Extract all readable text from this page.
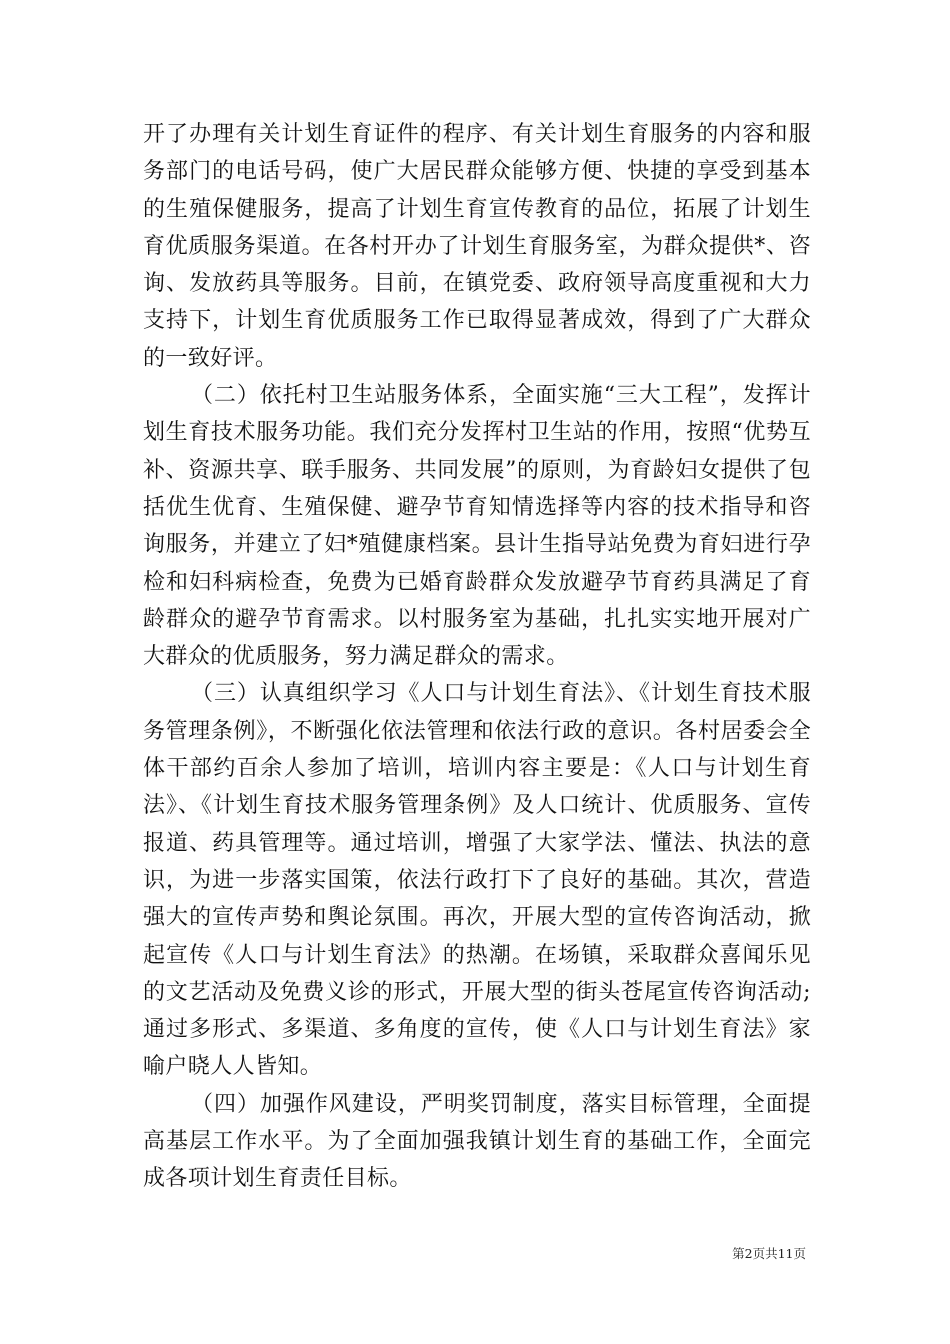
开了办理有关计划生育证件的程序、有关计划生育服务的内容和服务部门的电话号码，使广大居民群众能够方便、快捷的享受到基本的生殖保健服务，提高了计划生育宣传教育的品位，拓展了计划生育优质服务渠道。在各村开办了计划生育服务室，为群众提供*、咨询、发放药具等服务。目前，在镇党委、政府领导高度重视和大力支持下，计划生育优质服务工作已取得显著成效，得到了广大群众的一致好评。

（二）依托村卫生站服务体系，全面实施“三大工程”，发挥计划生育技术服务功能。我们充分发挥村卫生站的作用，按照“优势互补、资源共享、联手服务、共同发展”的原则，为育龄妇女提供了包括优生优育、生殖保健、避孕节育知情选择等内容的技术指导和咨询服务，并建立了妇*殖健康档案。县计生指导站免费为育妇进行孕检和妇科病检查，免费为已婚育龄群众发放避孕节育药具满足了育龄群众的避孕节育需求。以村服务室为基础，扎扎实实地开展对广大群众的优质服务，努力满足群众的需求。

（三）认真组织学习《人口与计划生育法》、《计划生育技术服务管理条例》，不断强化依法管理和依法行政的意识。各村居委会全体干部约百余人参加了培训，培训内容主要是：《人口与计划生育法》、《计划生育技术服务管理条例》及人口统计、优质服务、宣传报道、药具管理等。通过培训，增强了大家学法、懂法、执法的意识，为进一步落实国策，依法行政打下了良好的基础。其次，营造强大的宣传声势和舆论氛围。再次，开展大型的宣传咨询活动，掀起宣传《人口与计划生育法》的热潮。在场镇，采取群众喜闻乐见的文艺活动及免费义诊的形式，开展大型的街头苍尾宣传咨询活动;通过多形式、多渠道、多角度的宣传，使《人口与计划生育法》家喻户晓人人皆知。

（四）加强作风建设，严明奖罚制度，落实目标管理，全面提高基层工作水平。为了全面加强我镇计划生育的基础工作，全面完成各项计划生育责任目标。

第2页共11页
